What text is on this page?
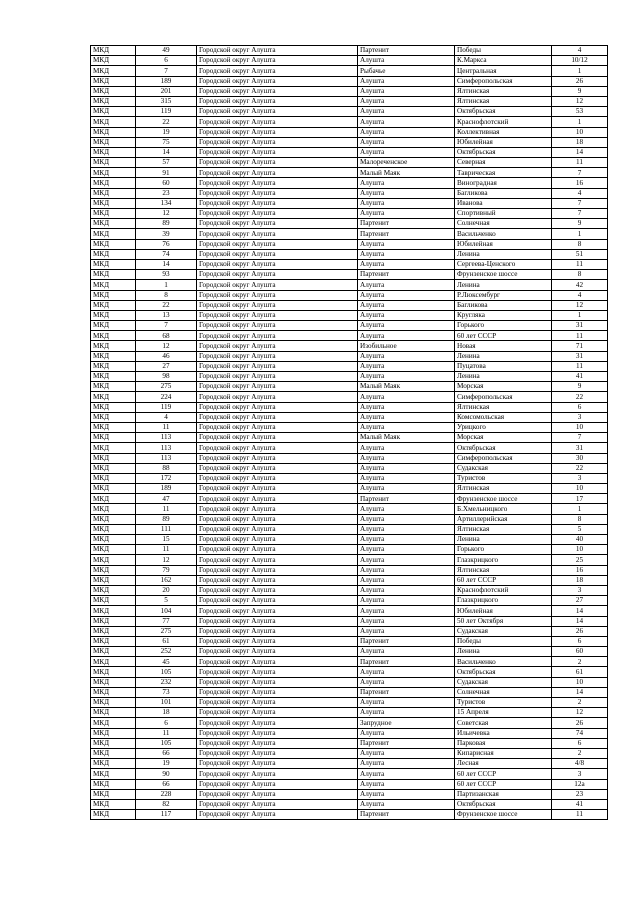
МКД	49	Городской округ Алушта	Партенит	Победы	4
МКД	6	Городской округ Алушта	Алушта	К.Маркса	10/12
МКД	7	Городской округ Алушта	Рыбачье	Центральная	1
МКД	189	Городской округ Алушта	Алушта	Симферопольская	26
МКД	201	Городской округ Алушта	Алушта	Ялтинская	9
МКД	315	Городской округ Алушта	Алушта	Ялтинская	12
МКД	119	Городской округ Алушта	Алушта	Октябрьская	53
МКД	22	Городской округ Алушта	Алушта	Краснофлотский	1
МКД	19	Городской округ Алушта	Алушта	Коллективная	10
МКД	75	Городской округ Алушта	Алушта	Юбилейная	18
МКД	14	Городской округ Алушта	Алушта	Октябрьская	14
МКД	57	Городской округ Алушта	Малореченское	Северная	11
МКД	91	Городской округ Алушта	Малый Маяк	Таврическая	7
МКД	60	Городской округ Алушта	Алушта	Виноградная	16
МКД	23	Городской округ Алушта	Алушта	Багликова	4
МКД	134	Городской округ Алушта	Алушта	Иванова	7
МКД	12	Городской округ Алушта	Алушта	Спортивный	7
МКД	89	Городской округ Алушта	Партенит	Солнечная	9
МКД	39	Городской округ Алушта	Партенит	Васильченко	1
МКД	76	Городской округ Алушта	Алушта	Юбилейная	8
МКД	74	Городской округ Алушта	Алушта	Ленина	51
МКД	14	Городской округ Алушта	Алушта	Сергеева-Ценского	11
МКД	93	Городской округ Алушта	Партенит	Фрунзенское шоссе	8
МКД	1	Городской округ Алушта	Алушта	Ленина	42
МКД	8	Городской округ Алушта	Алушта	Р.Люксембург	4
МКД	22	Городской округ Алушта	Алушта	Багликова	12
МКД	13	Городской округ Алушта	Алушта	Кругляка	1
МКД	7	Городской округ Алушта	Алушта	Горького	31
МКД	68	Городской округ Алушта	Алушта	60 лет СССР	11
МКД	12	Городской округ Алушта	Изобильное	Новая	71
МКД	46	Городской округ Алушта	Алушта	Ленина	31
МКД	27	Городской округ Алушта	Алушта	Пуцатова	11
МКД	98	Городской округ Алушта	Алушта	Ленина	41
МКД	275	Городской округ Алушта	Малый Маяк	Морская	9
МКД	224	Городской округ Алушта	Алушта	Симферопольская	22
МКД	119	Городской округ Алушта	Алушта	Ялтинская	6
МКД	4	Городской округ Алушта	Алушта	Комсомольская	3
МКД	11	Городской округ Алушта	Алушта	Урицкого	10
МКД	113	Городской округ Алушта	Малый Маяк	Морская	7
МКД	113	Городской округ Алушта	Алушта	Октябрьская	31
МКД	113	Городской округ Алушта	Алушта	Симферопольская	30
МКД	88	Городской округ Алушта	Алушта	Судакская	22
МКД	172	Городской округ Алушта	Алушта	Туристов	3
МКД	189	Городской округ Алушта	Алушта	Ялтинская	10
МКД	47	Городской округ Алушта	Партенит	Фрунзенское шоссе	17
МКД	11	Городской округ Алушта	Алушта	Б.Хмельницкого	1
МКД	89	Городской округ Алушта	Алушта	Артиллерийская	8
МКД	111	Городской округ Алушта	Алушта	Ялтинская	5
МКД	15	Городской округ Алушта	Алушта	Ленина	40
МКД	11	Городской округ Алушта	Алушта	Горького	10
МКД	12	Городской округ Алушта	Алушта	Глазкрицкого	25
МКД	79	Городской округ Алушта	Алушта	Ялтинская	16
МКД	162	Городской округ Алушта	Алушта	60 лет СССР	18
МКД	20	Городской округ Алушта	Алушта	Краснофлотский	3
МКД	5	Городской округ Алушта	Алушта	Глазкрицкого	27
МКД	104	Городской округ Алушта	Алушта	Юбилейная	14
МКД	77	Городской округ Алушта	Алушта	50 лет Октября	14
МКД	275	Городской округ Алушта	Алушта	Судакская	26
МКД	61	Городской округ Алушта	Партенит	Победы	6
МКД	252	Городской округ Алушта	Алушта	Ленина	60
МКД	45	Городской округ Алушта	Партенит	Васильченко	2
МКД	105	Городской округ Алушта	Алушта	Октябрьская	61
МКД	232	Городской округ Алушта	Алушта	Судакская	10
МКД	73	Городской округ Алушта	Партенит	Солнечная	14
МКД	101	Городской округ Алушта	Алушта	Туристов	2
МКД	18	Городской округ Алушта	Алушта	15 Апреля	12
МКД	6	Городской округ Алушта	Запрудное	Советская	26
МКД	11	Городской округ Алушта	Алушта	Ильичевка	74
МКД	105	Городской округ Алушта	Партенит	Парковая	6
МКД	66	Городской округ Алушта	Алушта	Кипарисная	2
МКД	19	Городской округ Алушта	Алушта	Лесная	4/8
МКД	90	Городской округ Алушта	Алушта	60 лет СССР	3
МКД	66	Городской округ Алушта	Алушта	60 лет СССР	12а
МКД	228	Городской округ Алушта	Алушта	Партизанская	23
МКД	82	Городской округ Алушта	Алушта	Октябрьская	41
МКД	117	Городской округ Алушта	Партенит	Фрунзенское шоссе	11
